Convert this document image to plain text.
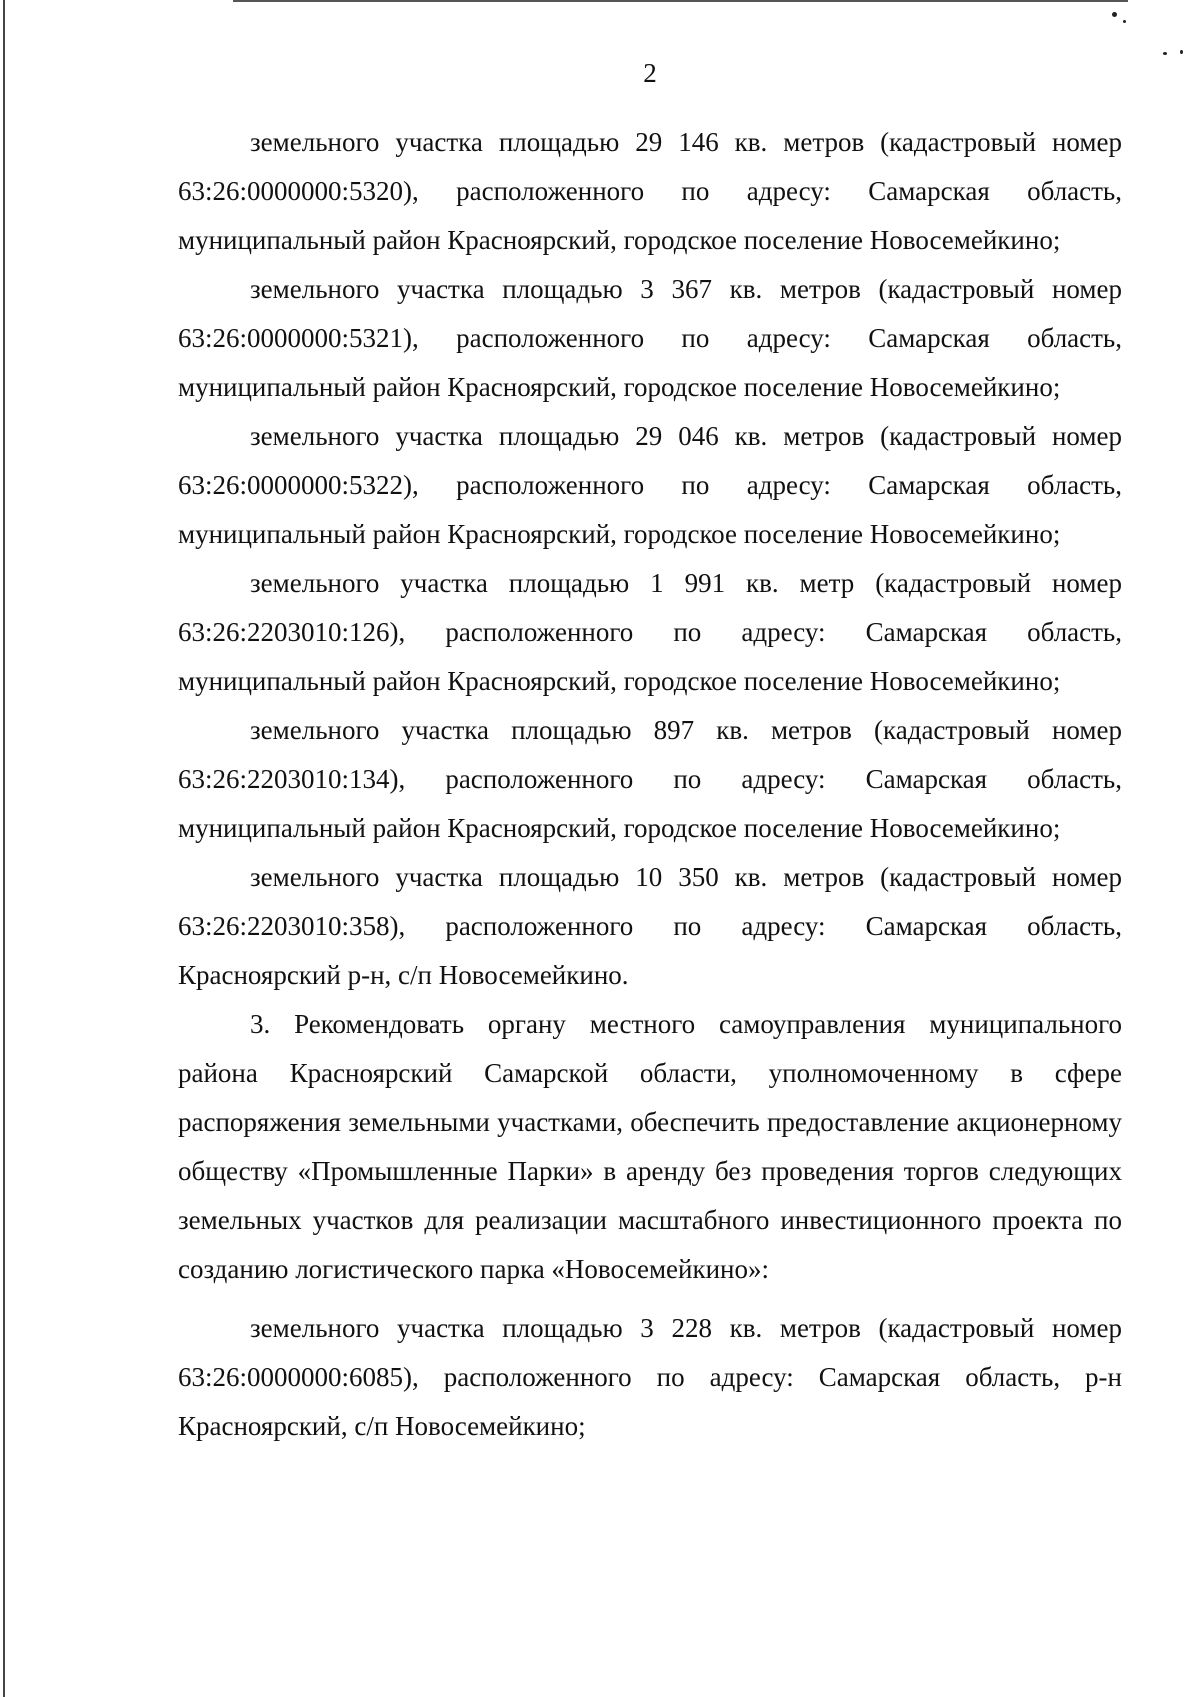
2

земельного участка площадью 29 146 кв. метров (кадастровый номер 63:26:0000000:5320), расположенного по адресу: Самарская область, муниципальный район Красноярский, городское поселение Новосемейкино;

земельного участка площадью 3 367 кв. метров (кадастровый номер 63:26:0000000:5321), расположенного по адресу: Самарская область, муниципальный район Красноярский, городское поселение Новосемейкино;

земельного участка площадью 29 046 кв. метров (кадастровый номер 63:26:0000000:5322), расположенного по адресу: Самарская область, муниципальный район Красноярский, городское поселение Новосемейкино;

земельного участка площадью 1 991 кв. метр (кадастровый номер 63:26:2203010:126), расположенного по адресу: Самарская область, муниципальный район Красноярский, городское поселение Новосемейкино;

земельного участка площадью 897 кв. метров (кадастровый номер 63:26:2203010:134), расположенного по адресу: Самарская область, муниципальный район Красноярский, городское поселение Новосемейкино;

земельного участка площадью 10 350 кв. метров (кадастровый номер 63:26:2203010:358), расположенного по адресу: Самарская область, Красноярский р-н, с/п Новосемейкино.

3. Рекомендовать органу местного самоуправления муниципального района Красноярский Самарской области, уполномоченному в сфере распоряжения земельными участками, обеспечить предоставление акционерному обществу «Промышленные Парки» в аренду без проведения торгов следующих земельных участков для реализации масштабного инвестиционного проекта по созданию логистического парка «Новосемейкино»:

земельного участка площадью 3 228 кв. метров (кадастровый номер 63:26:0000000:6085), расположенного по адресу: Самарская область, р-н Красноярский, с/п Новосемейкино;
